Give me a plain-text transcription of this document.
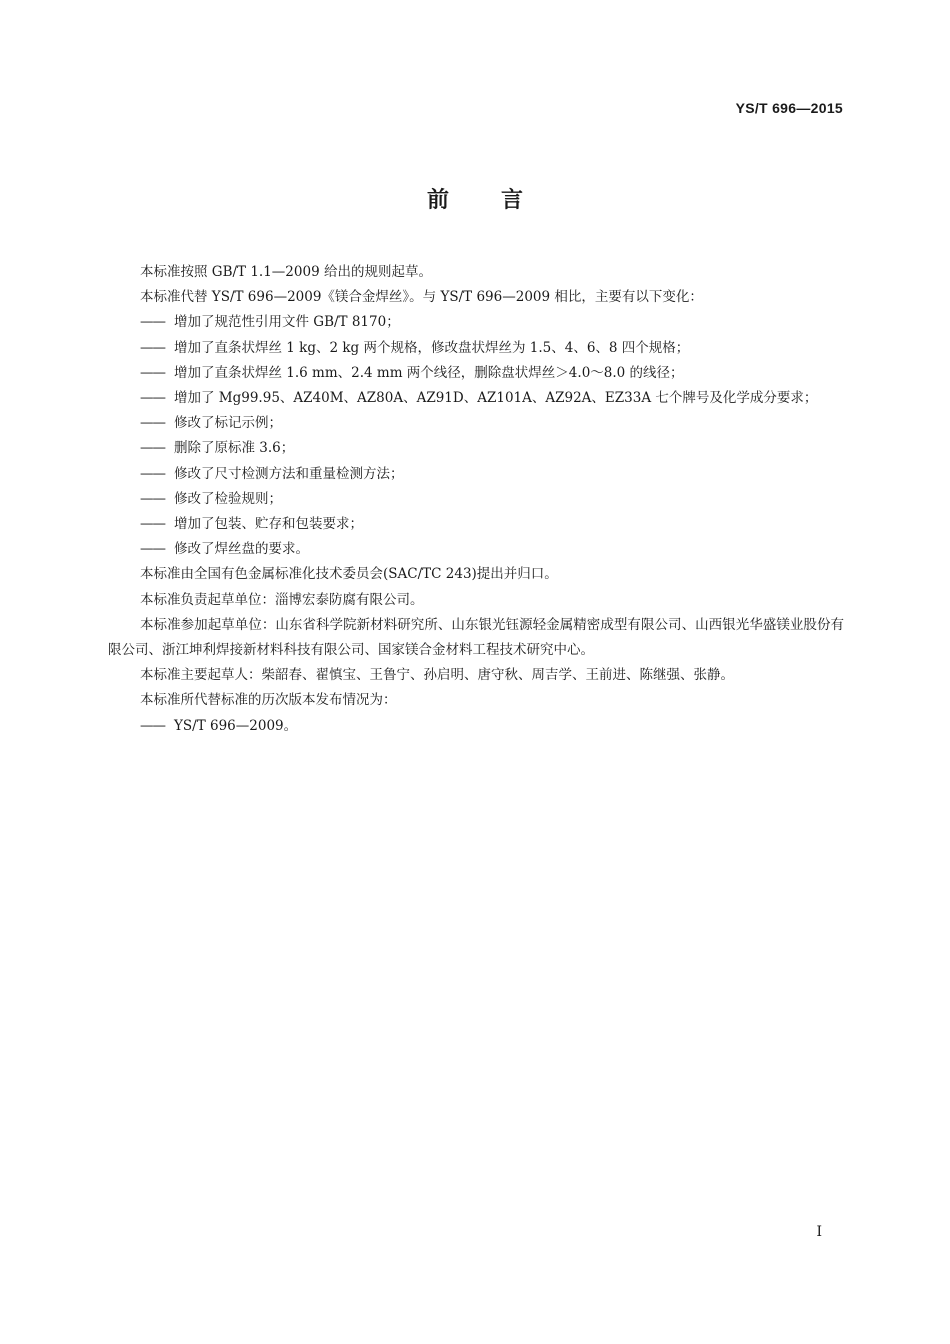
YS/T 696—2015
前言

本标准按照 GB/T 1.1—2009 给出的规则起草。

本标准代替 YS/T 696—2009《镁合金焊丝》。与 YS/T 696—2009 相比，主要有以下变化：

—— 增加了规范性引用文件 GB/T 8170；

—— 增加了直条状焊丝 1 kg、2 kg 两个规格，修改盘状焊丝为 1.5、4、6、8 四个规格；

—— 增加了直条状焊丝 1.6 mm、2.4 mm 两个线径，删除盘状焊丝＞4.0～8.0 的线径；

—— 增加了 Mg99.95、AZ40M、AZ80A、AZ91D、AZ101A、AZ92A、EZ33A 七个牌号及化学成分要求；

—— 修改了标记示例；

—— 删除了原标准 3.6；

—— 修改了尺寸检测方法和重量检测方法；

—— 修改了检验规则；

—— 增加了包装、贮存和包装要求；

—— 修改了焊丝盘的要求。

本标准由全国有色金属标准化技术委员会(SAC/TC 243)提出并归口。

本标准负责起草单位：淄博宏泰防腐有限公司。

本标准参加起草单位：山东省科学院新材料研究所、山东银光钰源轻金属精密成型有限公司、山西银光华盛镁业股份有限公司、浙江坤利焊接新材料科技有限公司、国家镁合金材料工程技术研究中心。

本标准主要起草人：柴韶春、翟慎宝、王鲁宁、孙启明、唐守秋、周吉学、王前进、陈继强、张静。

本标准所代替标准的历次版本发布情况为：

—— YS/T 696—2009。

I
